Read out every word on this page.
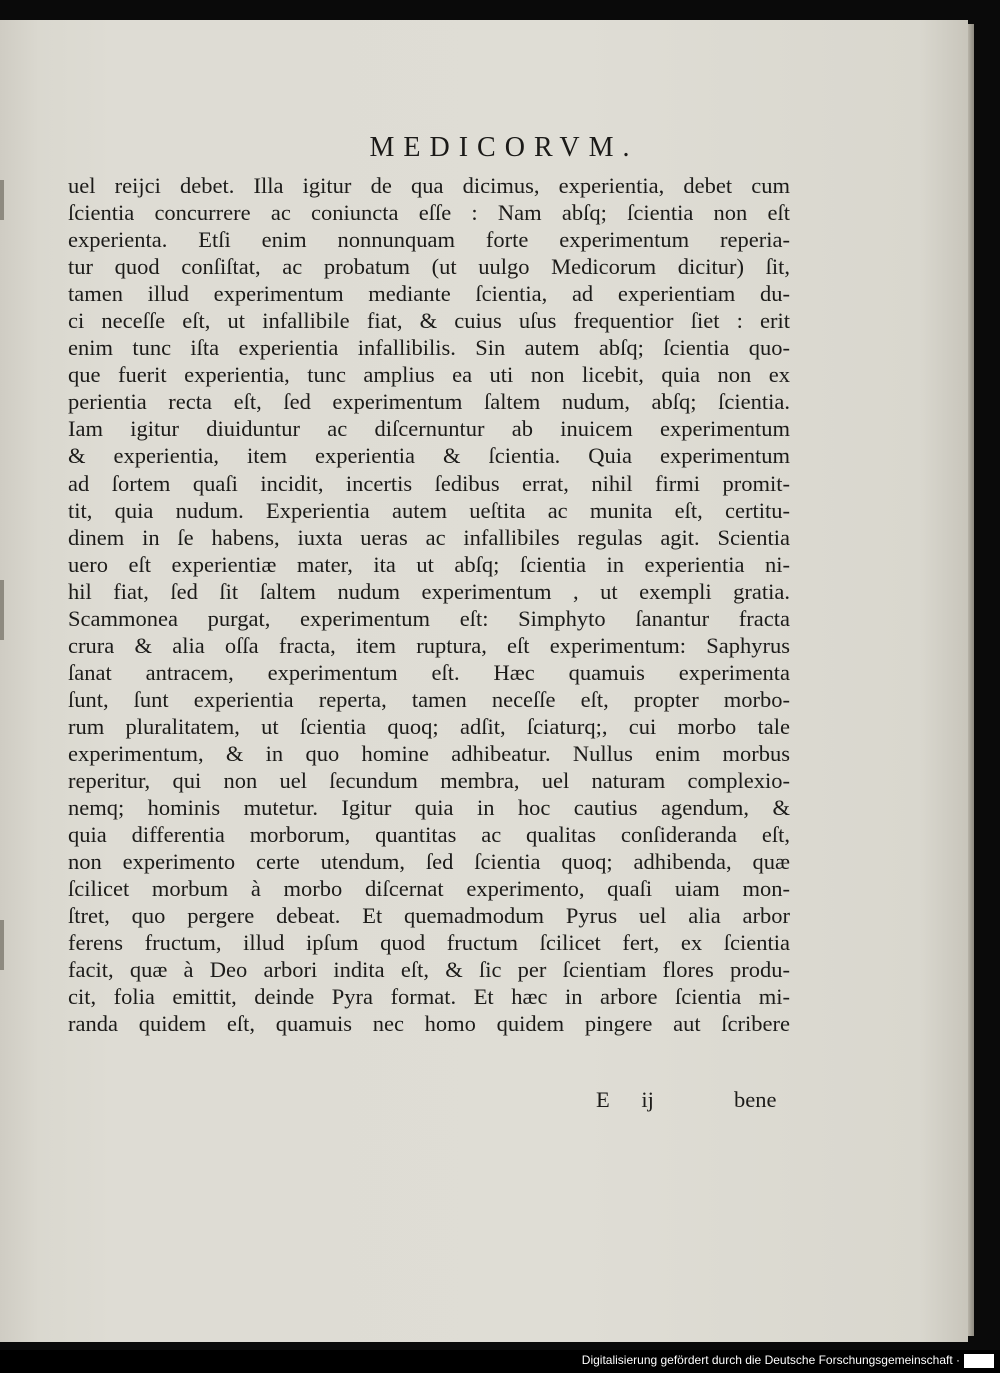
MEDICORVM.
uel reijci debet. Illa igitur de qua dicimus, experientia, debet cum
ſcientia concurrere ac coniuncta eſſe : Nam abſq; ſcientia non eſt
experienta. Etſi enim nonnunquam forte experimentum reperia-
tur quod conſiſtat, ac probatum (ut uulgo Medicorum dicitur) ſit,
tamen illud experimentum mediante ſcientia, ad experientiam du-
ci neceſſe eſt, ut infallibile fiat, & cuius uſus frequentior ſiet : erit
enim tunc iſta experientia infallibilis. Sin autem abſq; ſcientia quo-
que fuerit experientia, tunc amplius ea uti non licebit, quia non ex
perientia recta eſt, ſed experimentum ſaltem nudum, abſq; ſcientia.
Iam igitur diuiduntur ac diſcernuntur ab inuicem experimentum
& experientia, item experientia & ſcientia. Quia experimentum
ad ſortem quaſi incidit, incertis ſedibus errat, nihil firmi promit-
tit, quia nudum. Experientia autem ueſtita ac munita eſt, certitu-
dinem in ſe habens, iuxta ueras ac infallibiles regulas agit. Scientia
uero eſt experientiæ mater, ita ut abſq; ſcientia in experientia ni-
hil fiat, ſed ſit ſaltem nudum experimentum , ut exempli gratia.
Scammonea purgat, experimentum eſt: Simphyto ſanantur fracta
crura & alia oſſa fracta, item ruptura, eſt experimentum: Saphyrus
ſanat antracem, experimentum eſt. Hæc quamuis experimenta
ſunt, ſunt experientia reperta, tamen neceſſe eſt, propter morbo-
rum pluralitatem, ut ſcientia quoq; adſit, ſciaturq;, cui morbo tale
experimentum, & in quo homine adhibeatur. Nullus enim morbus
reperitur, qui non uel ſecundum membra, uel naturam complexio-
nemq; hominis mutetur. Igitur quia in hoc cautius agendum, &
quia differentia morborum, quantitas ac qualitas conſideranda eſt,
non experimento certe utendum, ſed ſcientia quoq; adhibenda, quæ
ſcilicet morbum à morbo diſcernat experimento, quaſi uiam mon-
ſtret, quo pergere debeat. Et quemadmodum Pyrus uel alia arbor
ferens fructum, illud ipſum quod fructum ſcilicet fert, ex ſcientia
facit, quæ à Deo arbori indita eſt, & ſic per ſcientiam flores produ-
cit, folia emittit, deinde Pyra format. Et hæc in arbore ſcientia mi-
randa quidem eſt, quamuis nec homo quidem pingere aut ſcribere
E ij	bene
Digitalisierung gefördert durch die Deutsche Forschungsgemeinschaft ·
